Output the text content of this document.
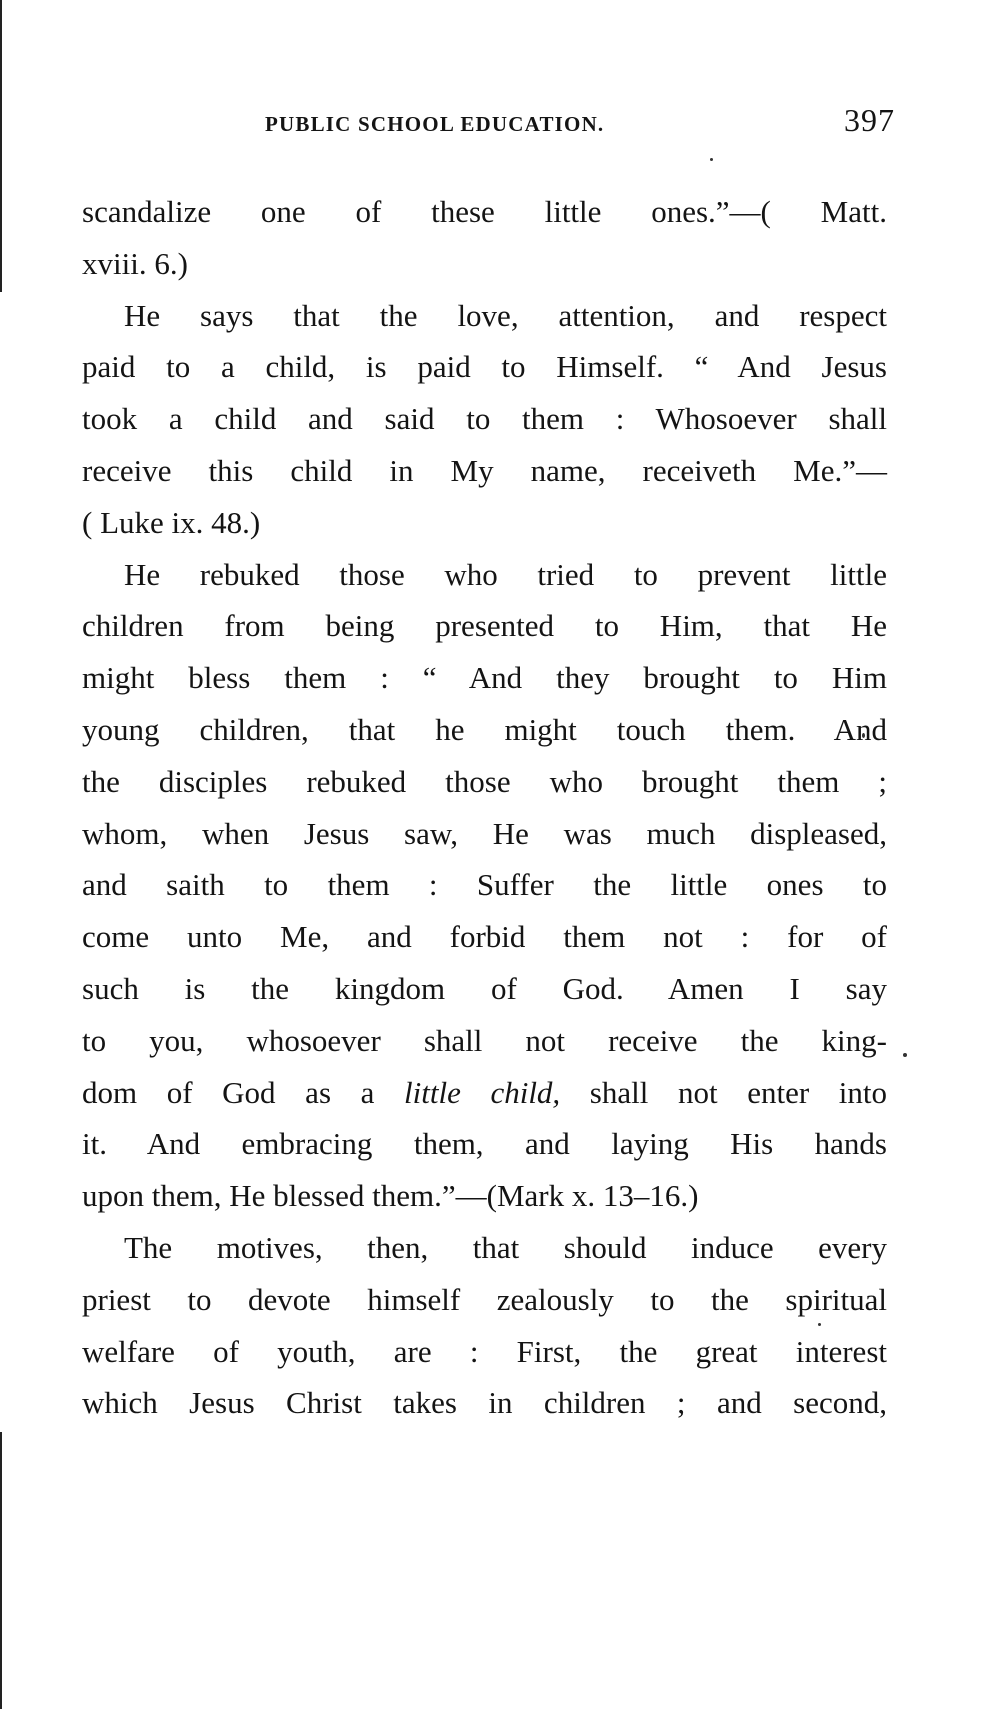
PUBLIC SCHOOL EDUCATION.	397
scandalize one of these little ones.”—( Matt.
xviii. 6.)
He says that the love, attention, and respect
paid to a child, is paid to Himself. “ And Jesus
took a child and said to them : Whosoever shall
receive this child in My name, receiveth Me.”—
( Luke ix. 48.)
He rebuked those who tried to prevent little
children from being presented to Him, that He
might bless them : “ And they brought to Him
young children, that he might touch them. And
the disciples rebuked those who brought them ;
whom, when Jesus saw, He was much displeased,
and saith to them : Suffer the little ones to
come unto Me, and forbid them not : for of
such is the kingdom of God. Amen I say
to you, whosoever shall not receive the king-
dom of God as a little child, shall not enter into
it. And embracing them, and laying His hands
upon them, He blessed them.”—(Mark x. 13–16.)
The motives, then, that should induce every
priest to devote himself zealously to the spiritual
welfare of youth, are : First, the great interest
which Jesus Christ takes in children ; and second,
